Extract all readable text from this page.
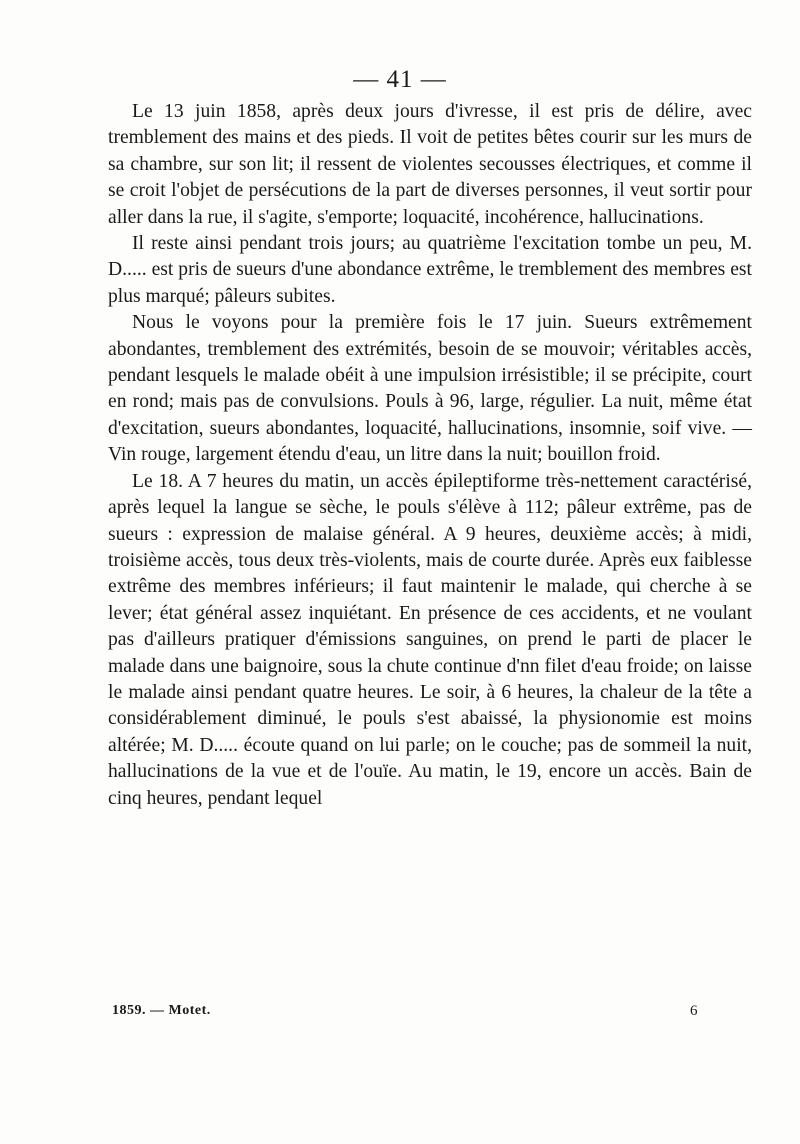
— 41 —

Le 13 juin 1858, après deux jours d'ivresse, il est pris de délire, avec tremblement des mains et des pieds. Il voit de petites bêtes courir sur les murs de sa chambre, sur son lit; il ressent de violentes secousses électriques, et comme il se croit l'objet de persécutions de la part de diverses personnes, il veut sortir pour aller dans la rue, il s'agite, s'emporte; loquacité, incohérence, hallucinations.

Il reste ainsi pendant trois jours; au quatrième l'excitation tombe un peu, M. D..... est pris de sueurs d'une abondance extrême, le tremblement des membres est plus marqué; pâleurs subites.

Nous le voyons pour la première fois le 17 juin. Sueurs extrêmement abondantes, tremblement des extrémités, besoin de se mouvoir; véritables accès, pendant lesquels le malade obéit à une impulsion irrésistible; il se précipite, court en rond; mais pas de convulsions. Pouls à 96, large, régulier. La nuit, même état d'excitation, sueurs abondantes, loquacité, hallucinations, insomnie, soif vive. —Vin rouge, largement étendu d'eau, un litre dans la nuit; bouillon froid.

Le 18. A 7 heures du matin, un accès épileptiforme très-nettement caractérisé, après lequel la langue se sèche, le pouls s'élève à 112; pâleur extrême, pas de sueurs : expression de malaise général. A 9 heures, deuxième accès; à midi, troisième accès, tous deux très-violents, mais de courte durée. Après eux faiblesse extrême des membres inférieurs; il faut maintenir le malade, qui cherche à se lever; état général assez inquiétant. En présence de ces accidents, et ne voulant pas d'ailleurs pratiquer d'émissions sanguines, on prend le parti de placer le malade dans une baignoire, sous la chute continue d'nn filet d'eau froide; on laisse le malade ainsi pendant quatre heures. Le soir, à 6 heures, la chaleur de la tête a considérablement diminué, le pouls s'est abaissé, la physionomie est moins altérée; M. D..... écoute quand on lui parle; on le couche; pas de sommeil la nuit, hallucinations de la vue et de l'ouïe. Au matin, le 19, encore un accès. Bain de cinq heures, pendant lequel

1859. — Motet.	6
